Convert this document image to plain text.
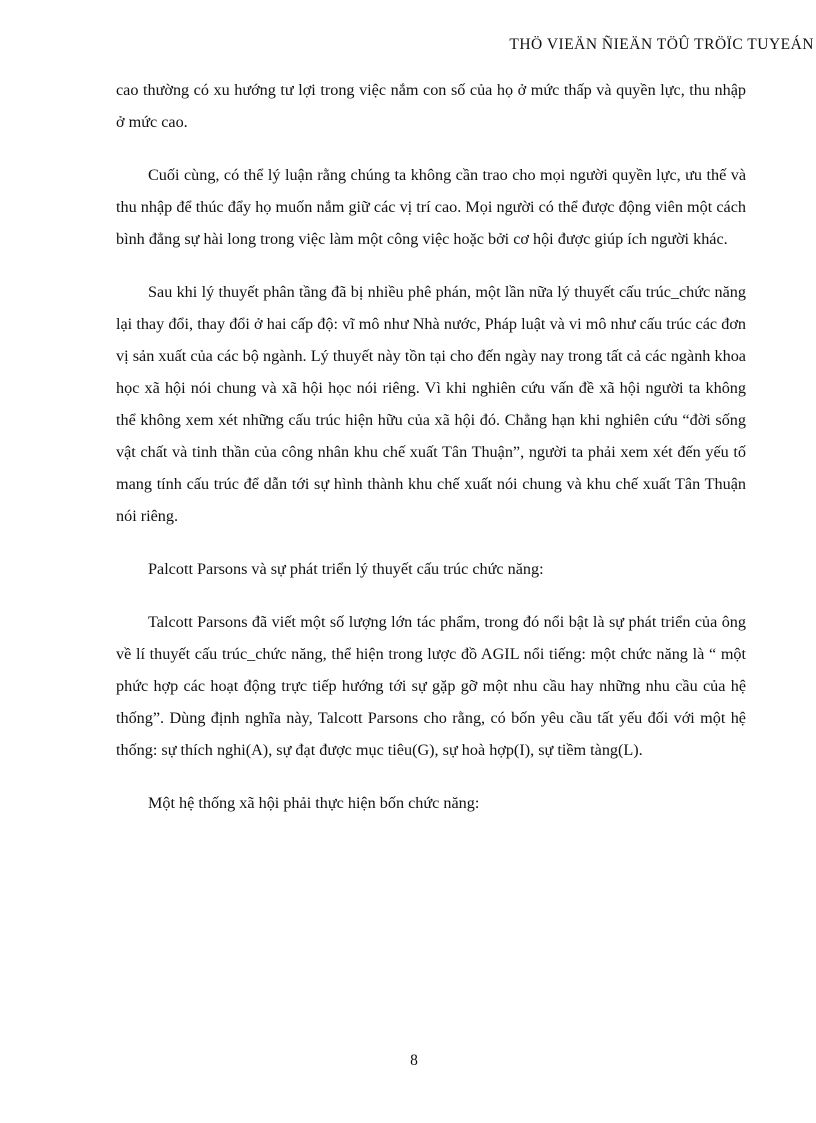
THÖ VIEÄN ÑIEÄN TÖÛ TRÖÏC TUYEÁN

cao thường có xu hướng tư lợi trong việc nắm con số của họ ở mức thấp và quyền lực, thu nhập ở mức cao.

Cuối cùng, có thể lý luận rằng chúng ta không cần trao cho mọi người quyền lực, ưu thế và thu nhập để thúc đẩy họ muốn nắm giữ các vị trí cao. Mọi người có thể được động viên một cách bình đẳng sự hài long trong việc làm một công việc hoặc bởi cơ hội được giúp ích người khác.

Sau khi lý thuyết phân tầng đã bị nhiều phê phán, một lần nữa lý thuyết cấu trúc_chức năng lại thay đổi, thay đổi ở hai cấp độ: vĩ mô như Nhà nước, Pháp luật và vi mô như cấu trúc các đơn vị sản xuất của các bộ ngành. Lý thuyết này tồn tại cho đến ngày nay trong tất cả các ngành khoa học xã hội nói chung và xã hội học nói riêng. Vì khi nghiên cứu vấn đề xã hội người ta không thể không xem xét những cấu trúc hiện hữu của xã hội đó. Chẳng hạn khi nghiên cứu “đời sống vật chất và tinh thần của công nhân khu chế xuất Tân Thuận”, người ta phải xem xét đến yếu tố mang tính cấu trúc để dẫn tới sự hình thành khu chế xuất nói chung và khu chế xuất Tân Thuận nói riêng.

Palcott Parsons và sự phát triển lý thuyết cấu trúc chức năng:

Talcott Parsons đã viết một số lượng lớn tác phẩm, trong đó nổi bật là sự phát triển của ông về lí thuyết cấu trúc_chức năng, thể hiện trong lược đồ AGIL nổi tiếng: một chức năng là “ một phức hợp các hoạt động trực tiếp hướng tới sự gặp gỡ một nhu cầu hay những nhu cầu của hệ thống”. Dùng định nghĩa này, Talcott Parsons cho rằng, có bốn yêu cầu tất yếu đối với một hệ thống: sự thích nghi(A), sự đạt được mục tiêu(G), sự hoà hợp(I), sự tiềm tàng(L).

Một hệ thống xã hội phải thực hiện bốn chức năng:

8
